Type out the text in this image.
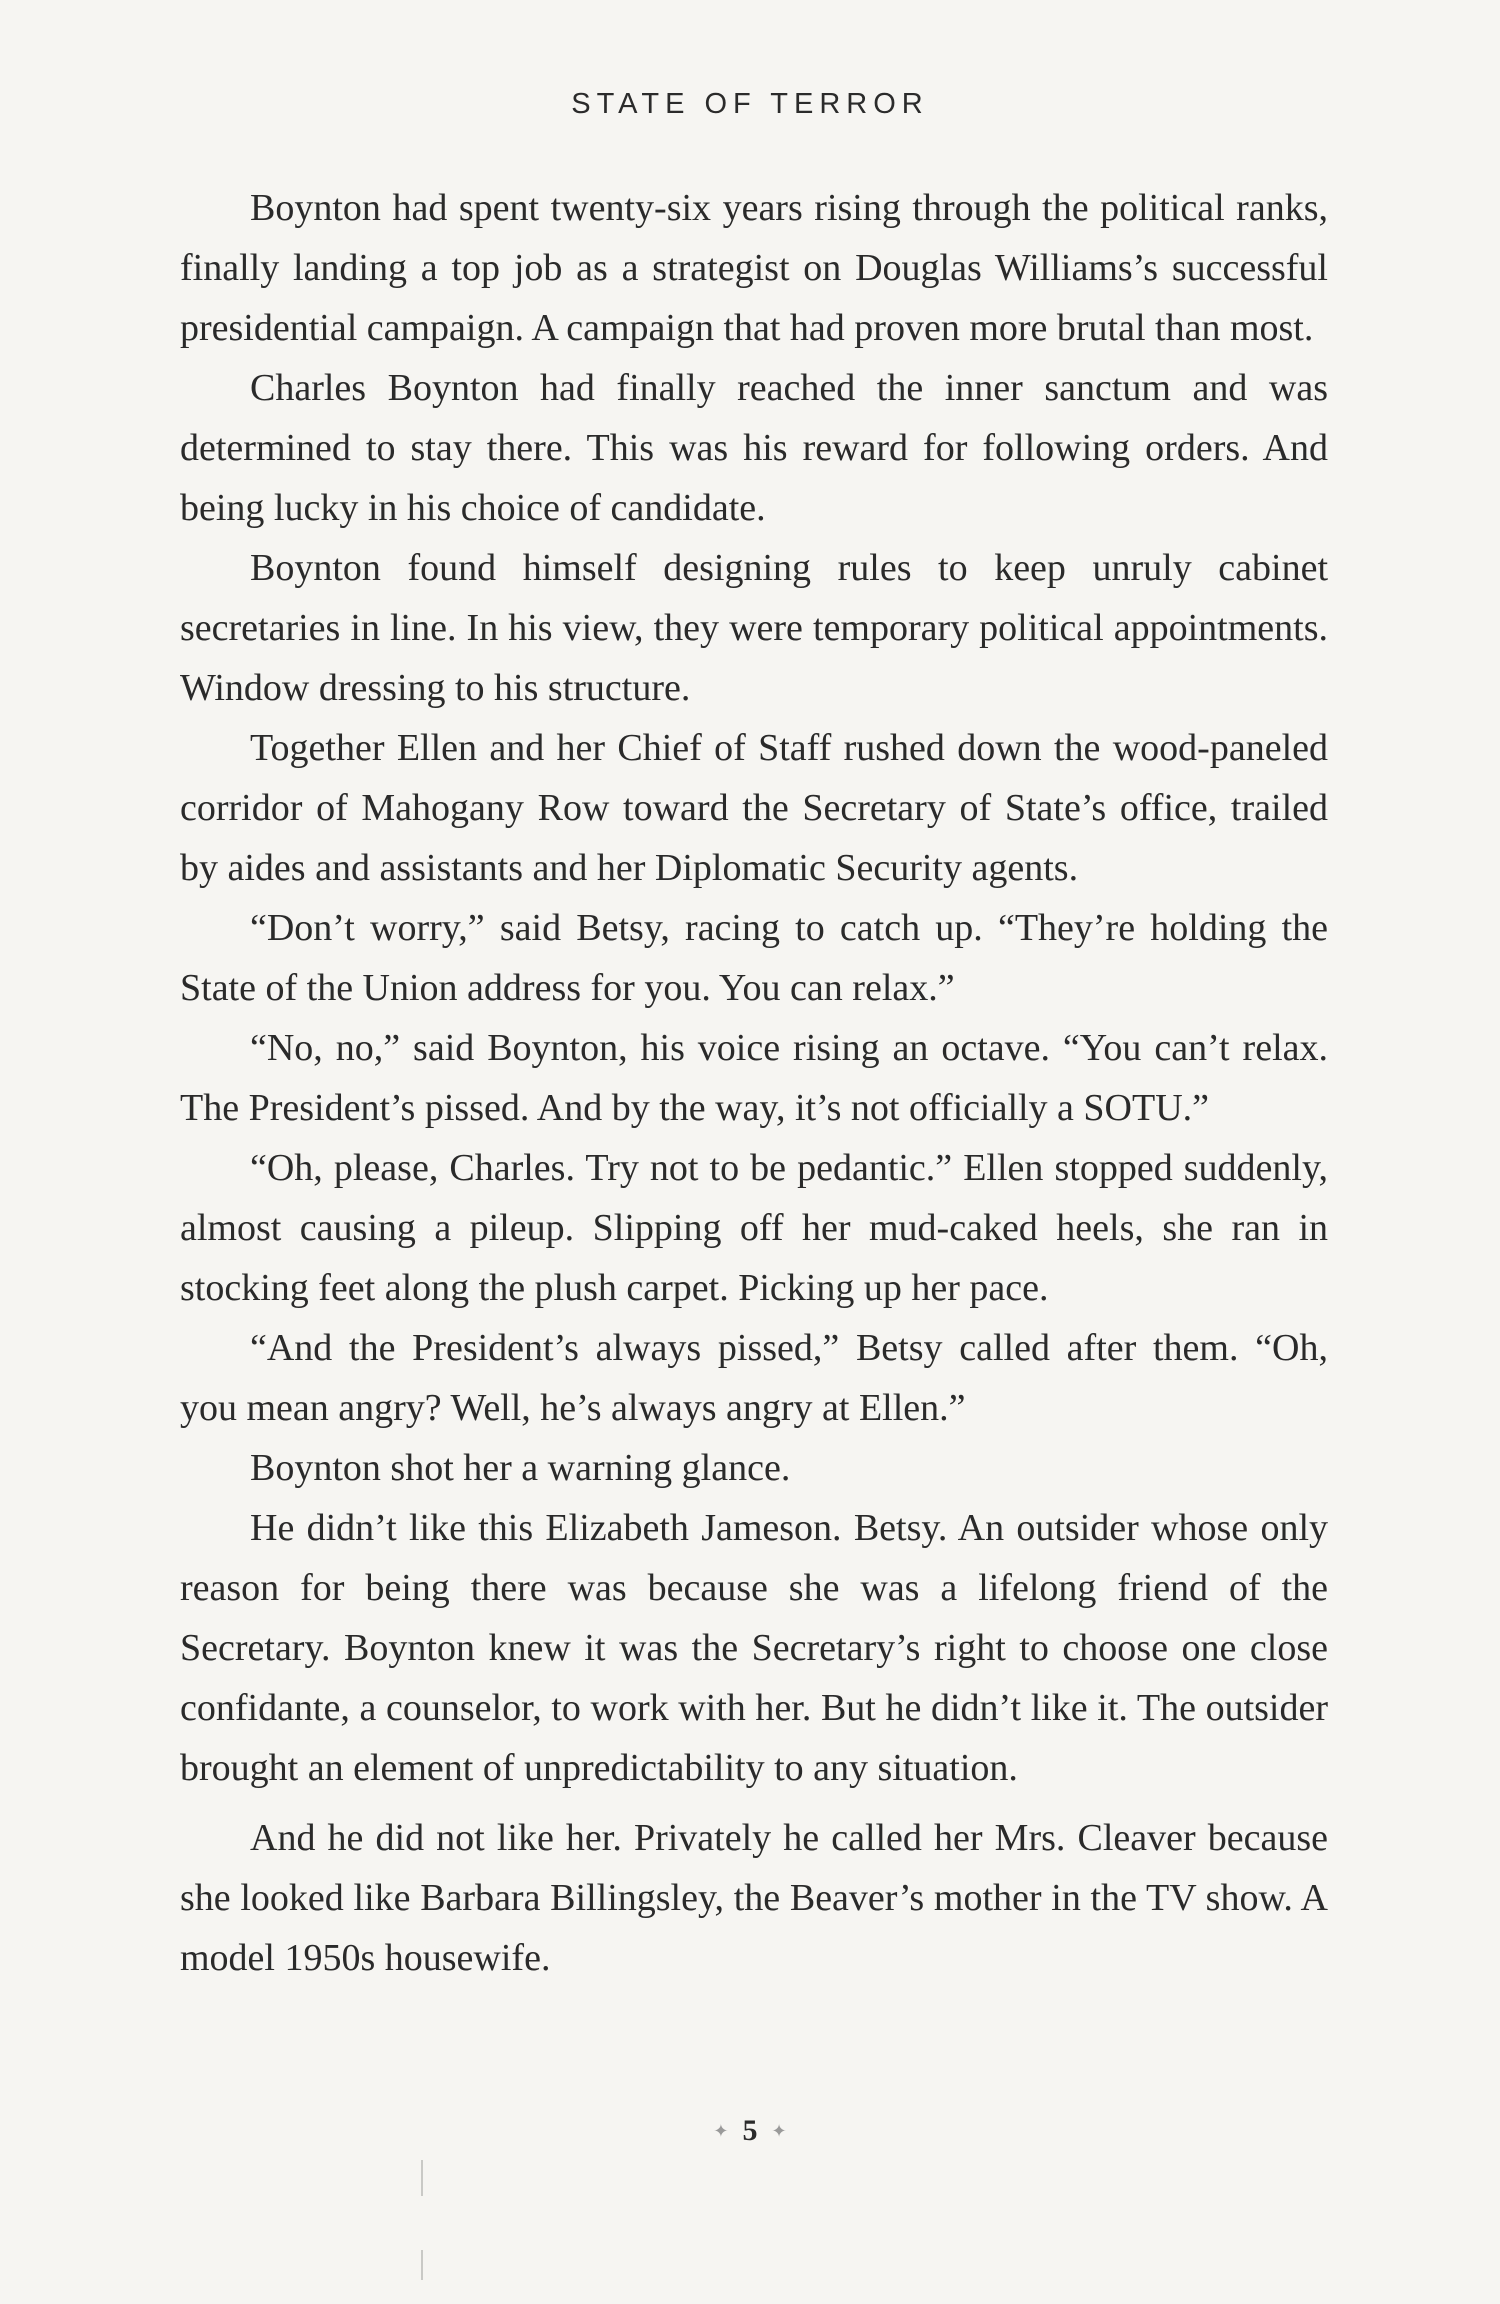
STATE OF TERROR

Boynton had spent twenty-six years rising through the political ranks, finally landing a top job as a strategist on Douglas Williams’s successful presidential campaign. A campaign that had proven more brutal than most.

Charles Boynton had finally reached the inner sanctum and was determined to stay there. This was his reward for following orders. And being lucky in his choice of candidate.

Boynton found himself designing rules to keep unruly cabinet secretaries in line. In his view, they were temporary political appointments. Window dressing to his structure.

Together Ellen and her Chief of Staff rushed down the wood-paneled corridor of Mahogany Row toward the Secretary of State’s office, trailed by aides and assistants and her Diplomatic Security agents.

“Don’t worry,” said Betsy, racing to catch up. “They’re holding the State of the Union address for you. You can relax.”

“No, no,” said Boynton, his voice rising an octave. “You can’t relax. The President’s pissed. And by the way, it’s not officially a SOTU.”

“Oh, please, Charles. Try not to be pedantic.” Ellen stopped suddenly, almost causing a pileup. Slipping off her mud-caked heels, she ran in stocking feet along the plush carpet. Picking up her pace.

“And the President’s always pissed,” Betsy called after them. “Oh, you mean angry? Well, he’s always angry at Ellen.”

Boynton shot her a warning glance.

He didn’t like this Elizabeth Jameson. Betsy. An outsider whose only reason for being there was because she was a lifelong friend of the Secretary. Boynton knew it was the Secretary’s right to choose one close confidante, a counselor, to work with her. But he didn’t like it. The outsider brought an element of unpredictability to any situation.

And he did not like her. Privately he called her Mrs. Cleaver because she looked like Barbara Billingsley, the Beaver’s mother in the TV show. A model 1950s housewife.

✦ 5 ✦
